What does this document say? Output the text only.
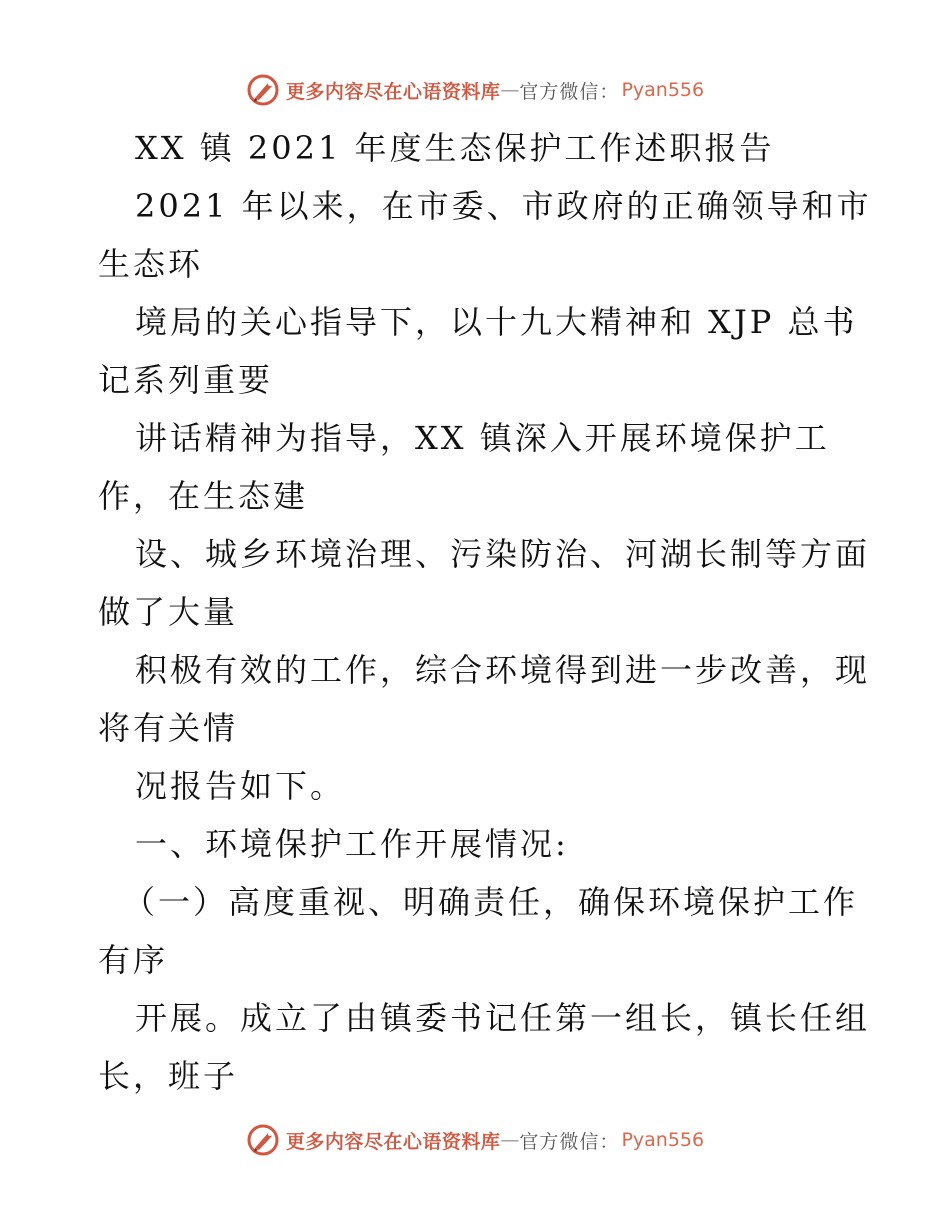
更多内容尽在心语资料库 — 官方微信： Pyan556
XX 镇 2021 年度生态保护工作述职报告
2021 年以来，在市委、市政府的正确领导和市
生态环
境局的关心指导下，以十九大精神和 XJP 总书
记系列重要
讲话精神为指导，XX 镇深入开展环境保护工
作，在生态建
设、城乡环境治理、污染防治、河湖长制等方面
做了大量
积极有效的工作，综合环境得到进一步改善，现
将有关情
况报告如下。
一、环境保护工作开展情况:
（一）高度重视、明确责任，确保环境保护工作
有序
开展。成立了由镇委书记任第一组长，镇长任组
长，班子
更多内容尽在心语资料库 — 官方微信： Pyan556
